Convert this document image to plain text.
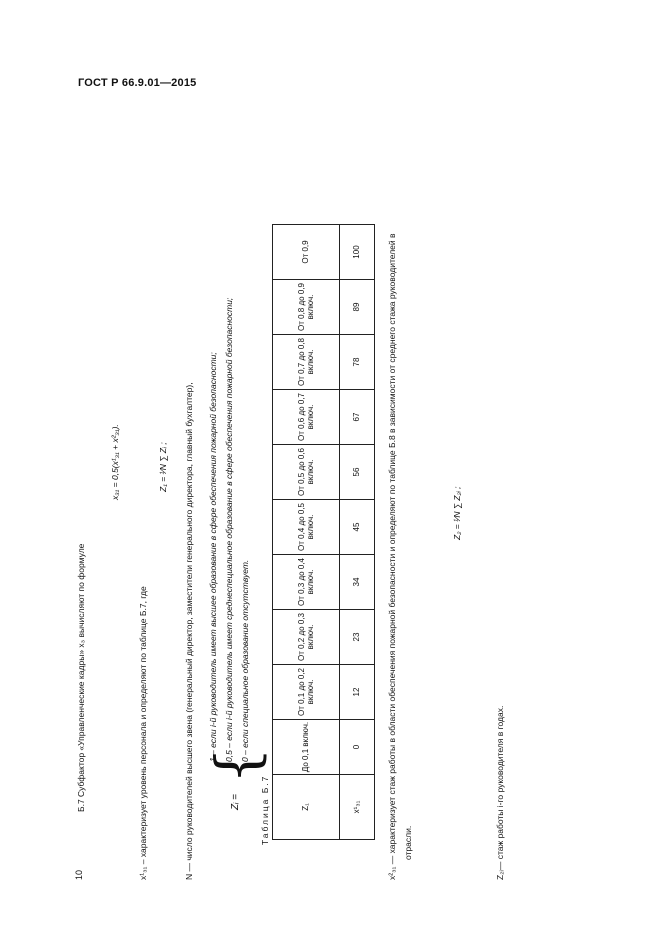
ГОСТ Р 66.9.01—2015
10
Б.7 Субфактор «Управленческие кадры» x₃ вычисляют по формуле
x₃₁ = 0,5(x¹₃₁ + x²₃₁).
x¹₃₁ – характеризует уровень персонала и определяют по таблице Б.7, где
Z₁ = ¹⁄N ∑ Zᵢ ; N — число руководителей высшего звена (генеральный директор, заместители генерального директора, главный бухгалтер),	Zᵢ =
{
1 – если i-й руководитель имеет высшее образование в сфере обеспечения пожарной безопасности; 0,5 – если i-й руководитель имеет среднеспециальное образование в сфере обеспечения пожарной безопасности; 0 – если специальное образование отсутствует.
Таблица Б.7	Z₁	До 0,1 включ.	От 0,1 до 0,2 включ.	От 0,2 до 0,3 включ.	От 0,3 до 0,4 включ.	От 0,4 до 0,5 включ.	От 0,5 до 0,6 включ.	От 0,6 до 0,7 включ.	От 0,7 до 0,8 включ.	От 0,8 до 0,9 включ.	От 0,9
x¹₃₁	0	12	23	34	45	56	67	78	89	100	x²₃₁ — характеризует стаж работы в области обеспечения пожарной безопасности и определяют по таблице Б.8 в зависимости от среднего стажа руководителей в отрасли.
Z₂ = ¹⁄N ∑ Z₂ᵢ ;
Z₂ᵢ— стаж работы i-го руководителя в годах.
